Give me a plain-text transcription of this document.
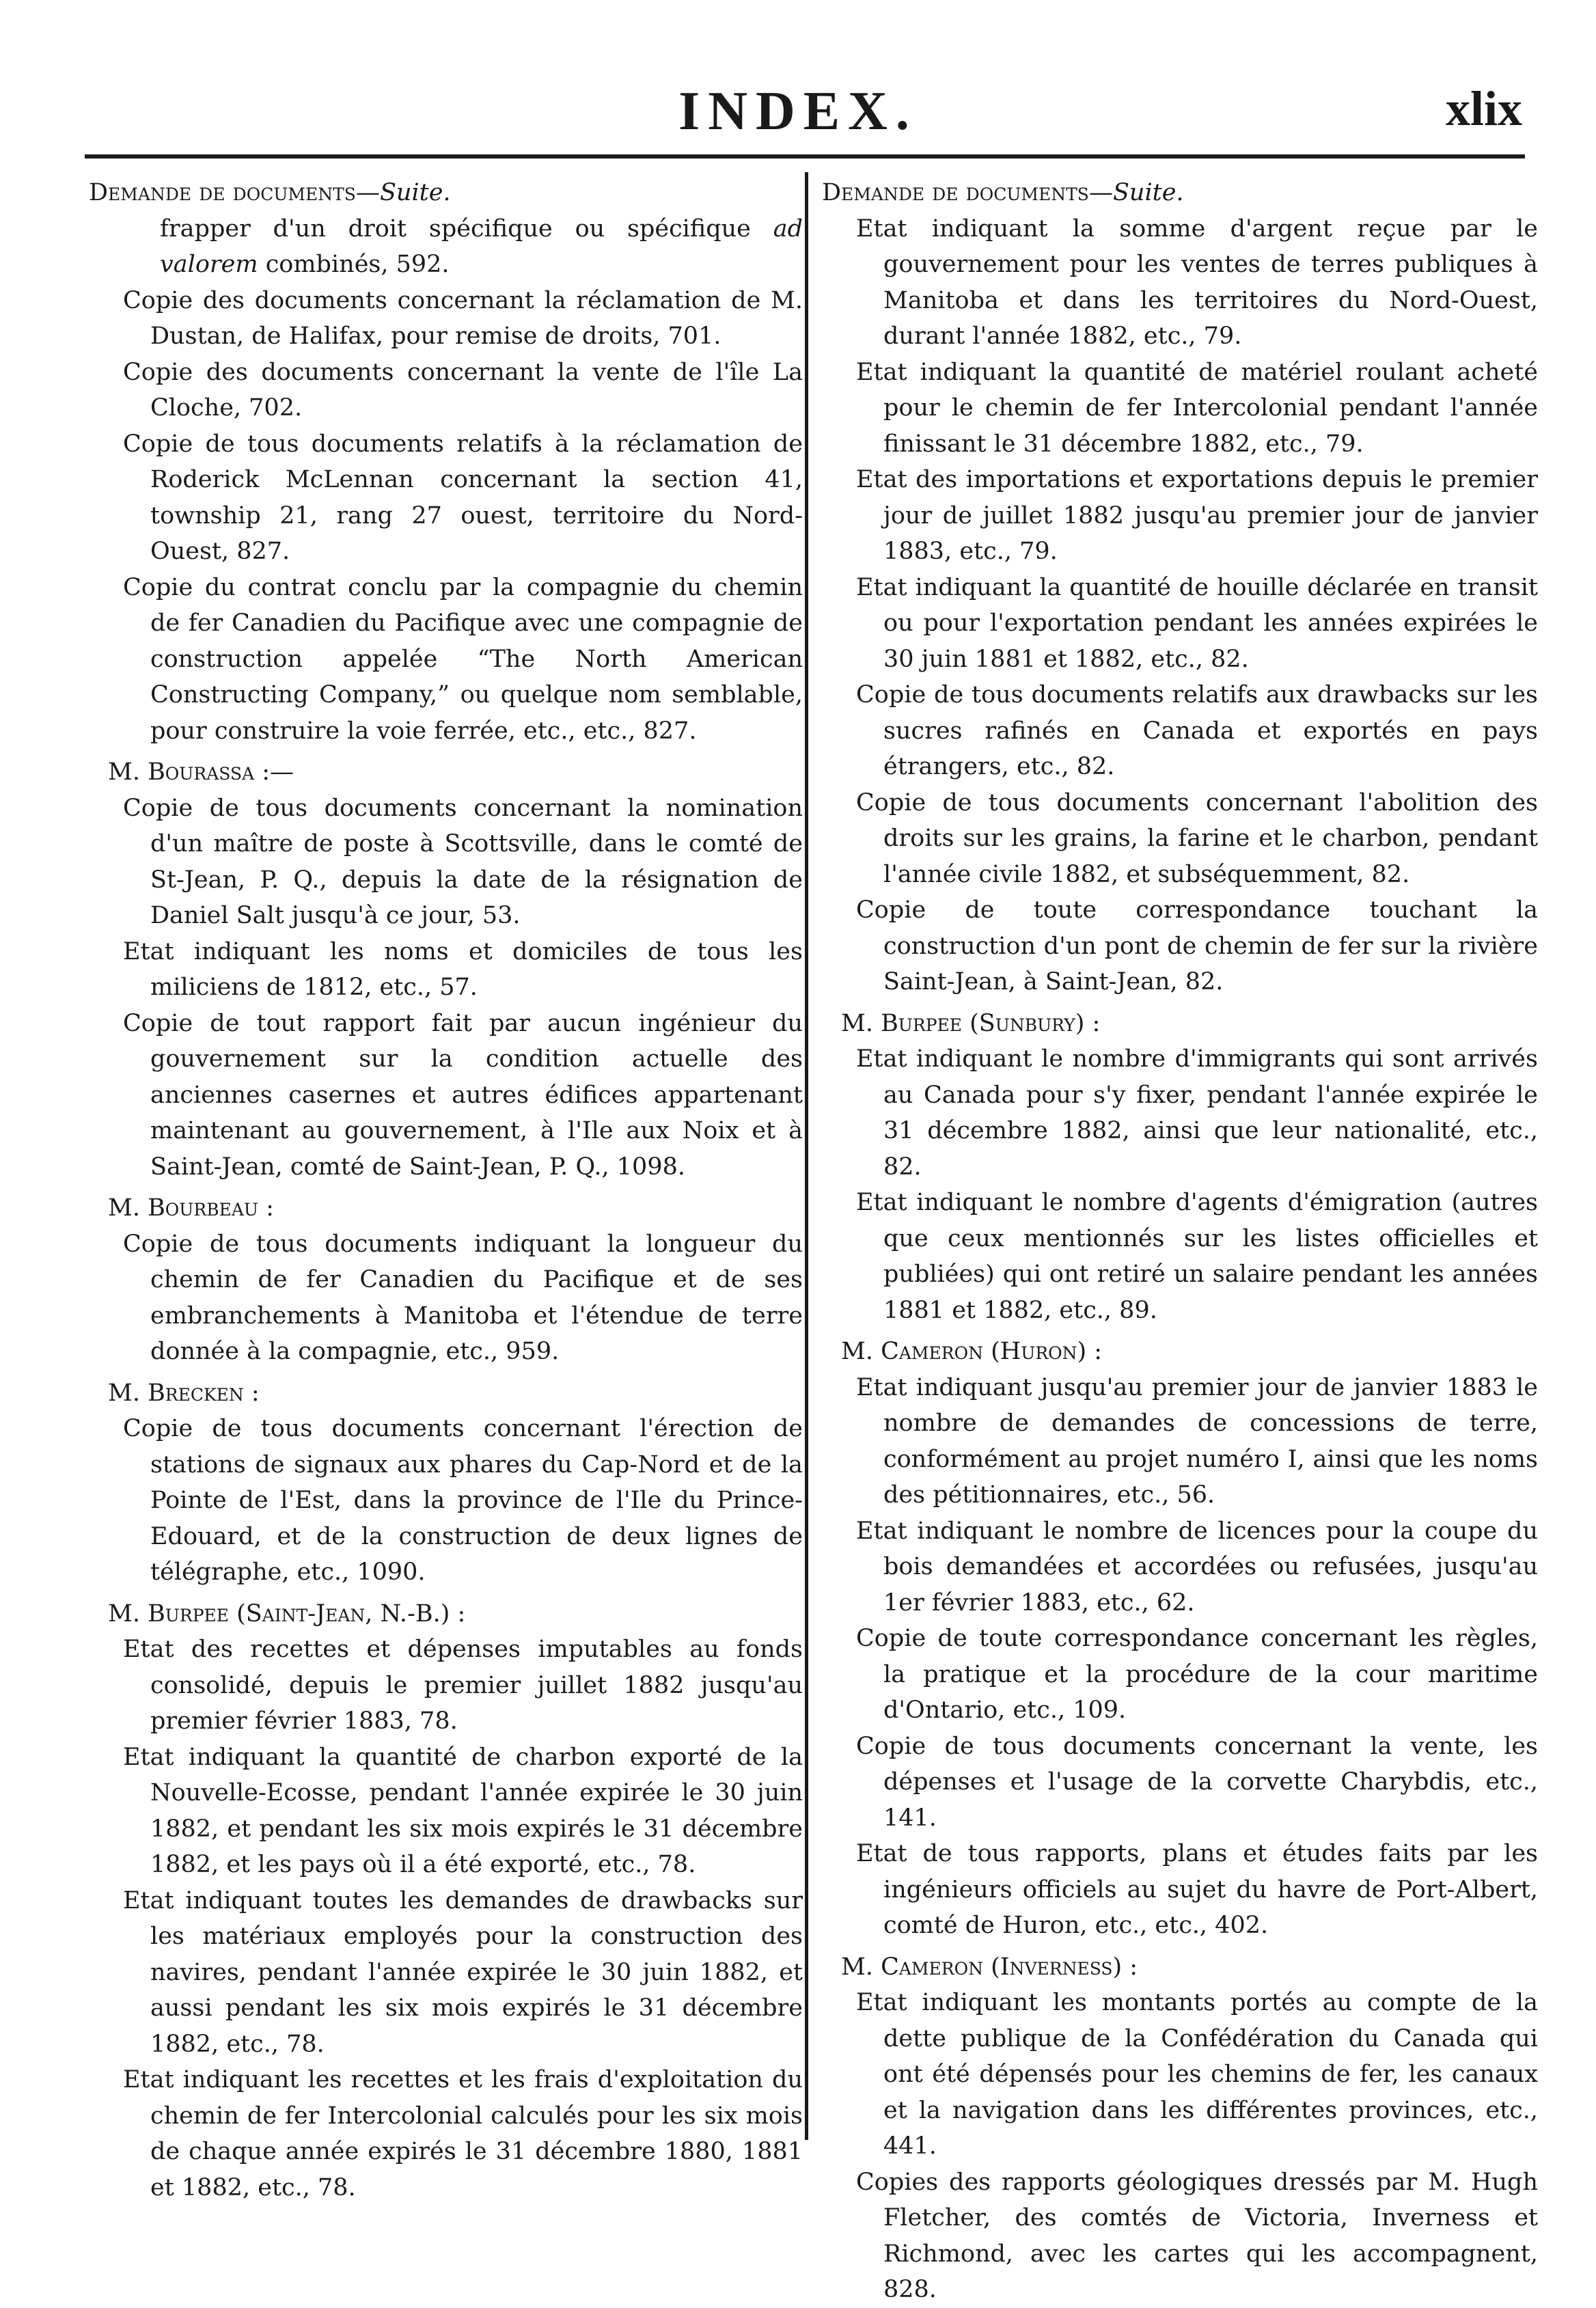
INDEX.	xlix
Demande de documents—Suite.
frapper d'un droit spécifique ou spécifique ad valorem combinés, 592.
Copie des documents concernant la réclamation de M. Dustan, de Halifax, pour remise de droits, 701.
Copie des documents concernant la vente de l'île La Cloche, 702.
Copie de tous documents relatifs à la réclamation de Roderick McLennan concernant la section 41, township 21, rang 27 ouest, territoire du Nord-Ouest, 827.
Copie du contrat conclu par la compagnie du chemin de fer Canadien du Pacifique avec une compagnie de construction appelée “The North American Constructing Company,” ou quelque nom semblable, pour construire la voie ferrée, etc., etc., 827.
M. Bourassa :—
Copie de tous documents concernant la nomination d'un maître de poste à Scottsville, dans le comté de St-Jean, P. Q., depuis la date de la résignation de Daniel Salt jusqu'à ce jour, 53.
Etat indiquant les noms et domiciles de tous les miliciens de 1812, etc., 57.
Copie de tout rapport fait par aucun ingénieur du gouvernement sur la condition actuelle des anciennes casernes et autres édifices appartenant maintenant au gouvernement, à l'Ile aux Noix et à Saint-Jean, comté de Saint-Jean, P. Q., 1098.
M. Bourbeau :
Copie de tous documents indiquant la longueur du chemin de fer Canadien du Pacifique et de ses embranchements à Manitoba et l'étendue de terre donnée à la compagnie, etc., 959.
M. Brecken :
Copie de tous documents concernant l'érection de stations de signaux aux phares du Cap-Nord et de la Pointe de l'Est, dans la province de l'Ile du Prince-Edouard, et de la construction de deux lignes de télégraphe, etc., 1090.
M. Burpee (Saint-Jean, N.-B.) :
Etat des recettes et dépenses imputables au fonds consolidé, depuis le premier juillet 1882 jusqu'au premier février 1883, 78.
Etat indiquant la quantité de charbon exporté de la Nouvelle-Ecosse, pendant l'année expirée le 30 juin 1882, et pendant les six mois expirés le 31 décembre 1882, et les pays où il a été exporté, etc., 78.
Etat indiquant toutes les demandes de drawbacks sur les matériaux employés pour la construction des navires, pendant l'année expirée le 30 juin 1882, et aussi pendant les six mois expirés le 31 décembre 1882, etc., 78.
Etat indiquant les recettes et les frais d'exploitation du chemin de fer Intercolonial calculés pour les six mois de chaque année expirés le 31 décembre 1880, 1881 et 1882, etc., 78.
Demande de documents—Suite.
Etat indiquant la somme d'argent reçue par le gouvernement pour les ventes de terres publiques à Manitoba et dans les territoires du Nord-Ouest, durant l'année 1882, etc., 79.
Etat indiquant la quantité de matériel roulant acheté pour le chemin de fer Intercolonial pendant l'année finissant le 31 décembre 1882, etc., 79.
Etat des importations et exportations depuis le premier jour de juillet 1882 jusqu'au premier jour de janvier 1883, etc., 79.
Etat indiquant la quantité de houille déclarée en transit ou pour l'exportation pendant les années expirées le 30 juin 1881 et 1882, etc., 82.
Copie de tous documents relatifs aux drawbacks sur les sucres rafinés en Canada et exportés en pays étrangers, etc., 82.
Copie de tous documents concernant l'abolition des droits sur les grains, la farine et le charbon, pendant l'année civile 1882, et subséquemment, 82.
Copie de toute correspondance touchant la construction d'un pont de chemin de fer sur la rivière Saint-Jean, à Saint-Jean, 82.
M. Burpee (Sunbury) :
Etat indiquant le nombre d'immigrants qui sont arrivés au Canada pour s'y fixer, pendant l'année expirée le 31 décembre 1882, ainsi que leur nationalité, etc., 82.
Etat indiquant le nombre d'agents d'émigration (autres que ceux mentionnés sur les listes officielles et publiées) qui ont retiré un salaire pendant les années 1881 et 1882, etc., 89.
M. Cameron (Huron) :
Etat indiquant jusqu'au premier jour de janvier 1883 le nombre de demandes de concessions de terre, conformément au projet numéro I, ainsi que les noms des pétitionnaires, etc., 56.
Etat indiquant le nombre de licences pour la coupe du bois demandées et accordées ou refusées, jusqu'au 1er février 1883, etc., 62.
Copie de toute correspondance concernant les règles, la pratique et la procédure de la cour maritime d'Ontario, etc., 109.
Copie de tous documents concernant la vente, les dépenses et l'usage de la corvette Charybdis, etc., 141.
Etat de tous rapports, plans et études faits par les ingénieurs officiels au sujet du havre de Port-Albert, comté de Huron, etc., etc., 402.
M. Cameron (Inverness) :
Etat indiquant les montants portés au compte de la dette publique de la Confédération du Canada qui ont été dépensés pour les chemins de fer, les canaux et la navigation dans les différentes provinces, etc., 441.
Copies des rapports géologiques dressés par M. Hugh Fletcher, des comtés de Victoria, Inverness et Richmond, avec les cartes qui les accompagnent, 828.
